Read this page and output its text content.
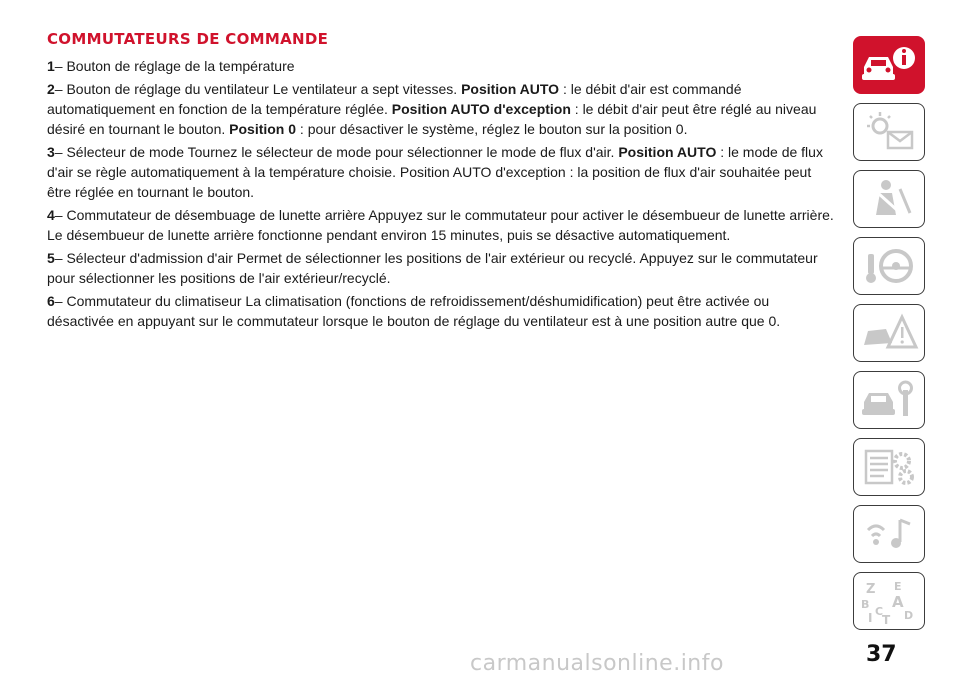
COMMUTATEURS DE COMMANDE
1– Bouton de réglage de la température
2– Bouton de réglage du ventilateur Le ventilateur a sept vitesses. Position AUTO : le débit d'air est commandé automatiquement en fonction de la température réglée. Position AUTO d'exception : le débit d'air peut être réglé au niveau désiré en tournant le bouton. Position 0 : pour désactiver le système, réglez le bouton sur la position 0.
3– Sélecteur de mode Tournez le sélecteur de mode pour sélectionner le mode de flux d'air. Position AUTO : le mode de flux d'air se règle automatiquement à la température choisie. Position AUTO d'exception : la position de flux d'air souhaitée peut être réglée en tournant le bouton.
4– Commutateur de désembuage de lunette arrière Appuyez sur le commutateur pour activer le désembueur de lunette arrière. Le désembueur de lunette arrière fonctionne pendant environ 15 minutes, puis se désactive automatiquement.
5– Sélecteur d'admission d'air Permet de sélectionner les positions de l'air extérieur ou recyclé. Appuyez sur le commutateur pour sélectionner les positions de l'air extérieur/recyclé.
6– Commutateur du climatiseur La climatisation (fonctions de refroidissement/déshumidification) peut être activée ou désactivée en appuyant sur le commutateur lorsque le bouton de réglage du ventilateur est à une position autre que 0.
Z E
B A
C D
I T
37
carmanualsonline.info
